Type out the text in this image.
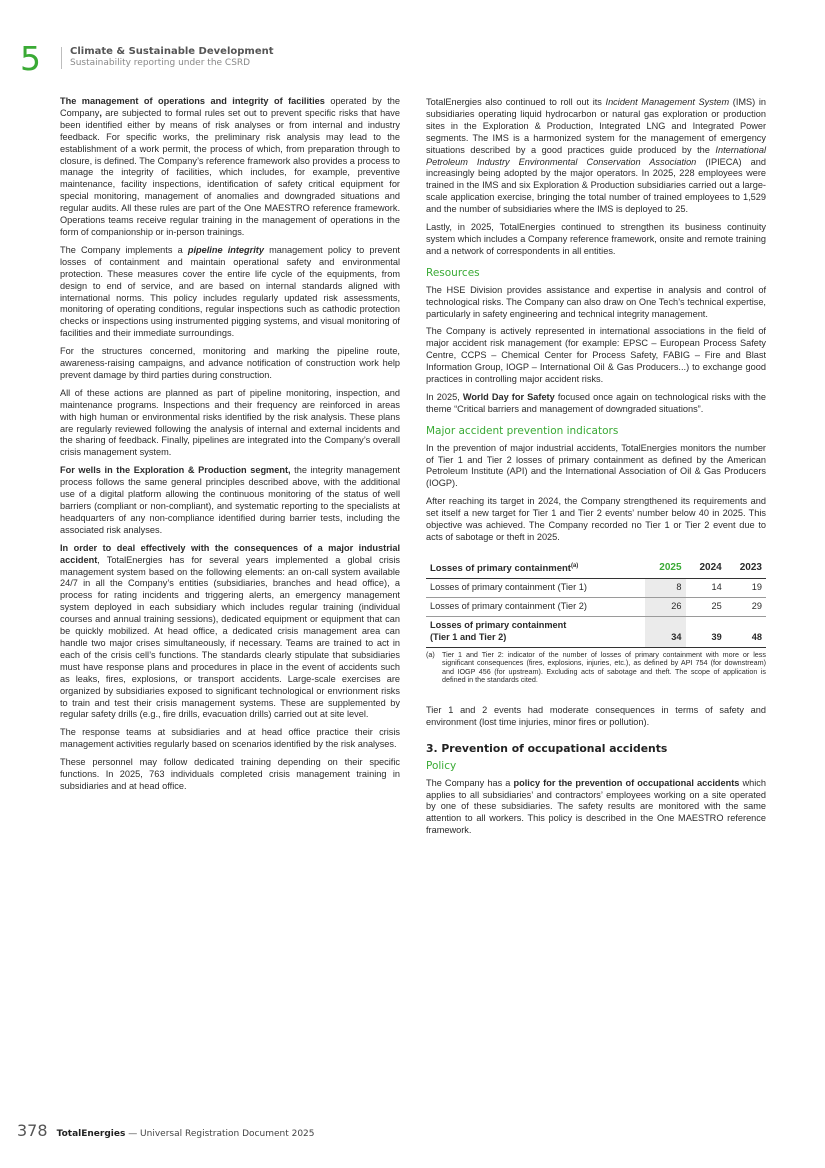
5	Climate & Sustainable Development
Sustainability reporting under the CSRD

The management of operations and integrity of facilities operated by the Company, are subjected to formal rules set out to prevent specific risks that have been identified either by means of risk analyses or from internal and industry feedback. For specific works, the preliminary risk analysis may lead to the establishment of a work permit, the process of which, from preparation through to closure, is defined. The Company’s reference framework also provides a process to manage the integrity of facilities, which includes, for example, preventive maintenance, facility inspections, identification of safety critical equipment for special monitoring, management of anomalies and downgraded situations and regular audits. All these rules are part of the One MAESTRO reference framework. Operations teams receive regular training in the management of operations in the form of companionship or in-person trainings.

The Company implements a pipeline integrity management policy to prevent losses of containment and maintain operational safety and environmental protection. These measures cover the entire life cycle of the equipments, from design to end of service, and are based on internal standards aligned with international norms. This policy includes regularly updated risk assessments, monitoring of operating conditions, regular inspections such as cathodic protection checks or inspections using instrumented pigging systems, and visual monitoring of facilities and their immediate surroundings.

For the structures concerned, monitoring and marking the pipeline route, awareness-raising campaigns, and advance notification of construction work help prevent damage by third parties during construction.

All of these actions are planned as part of pipeline monitoring, inspection, and maintenance programs. Inspections and their frequency are reinforced in areas with high human or environmental risks identified by the risk analysis. These plans are regularly reviewed following the analysis of internal and external incidents and the sharing of feedback. Finally, pipelines are integrated into the Company’s overall crisis management system.

For wells in the Exploration & Production segment, the integrity management process follows the same general principles described above, with the additional use of a digital platform allowing the continuous monitoring of the status of well barriers (compliant or non-compliant), and systematic reporting to the specialists at headquarters of any non-compliance identified during barrier tests, including the associated risk analyses.

In order to deal effectively with the consequences of a major industrial accident, TotalEnergies has for several years implemented a global crisis management system based on the following elements: an on-call system available 24/7 in all the Company’s entities (subsidiaries, branches and head office), a process for rating incidents and triggering alerts, an emergency management system deployed in each subsidiary which includes regular training (individual courses and annual training sessions), dedicated equipment or equipment that can be quickly mobilized. At head office, a dedicated crisis management area can handle two major crises simultaneously, if necessary. Teams are trained to act in each of the crisis cell’s functions. The standards clearly stipulate that subsidiaries must have response plans and procedures in place in the event of accidents such as leaks, fires, explosions, or transport accidents. Large-scale exercises are organized by subsidiaries exposed to significant technological or envrionment risks to train and test their crisis management systems. These are supplemented by regular safety drills (e.g., fire drills, evacuation drills) carried out at site level.

The response teams at subsidiaries and at head office practice their crisis management activities regularly based on scenarios identified by the risk analyses.

These personnel may follow dedicated training depending on their specific functions. In 2025, 763 individuals completed crisis management training in subsidiaries and at head office.

TotalEnergies also continued to roll out its Incident Management System (IMS) in subsidiaries operating liquid hydrocarbon or natural gas exploration or production sites in the Exploration & Production, Integrated LNG and Integrated Power segments. The IMS is a harmonized system for the management of emergency situations described by a good practices guide produced by the International Petroleum Industry Environmental Conservation Association (IPIECA) and increasingly being adopted by the major operators. In 2025, 228 employees were trained in the IMS and six Exploration & Production subsidiaries carried out a large-scale application exercise, bringing the total number of trained employees to 1,529 and the number of subsidiaries where the IMS is deployed to 25.

Lastly, in 2025, TotalEnergies continued to strengthen its business continuity system which includes a Company reference framework, onsite and remote training and a network of correspondents in all entities.

Resources

The HSE Division provides assistance and expertise in analysis and control of technological risks. The Company can also draw on One Tech’s technical expertise, particularly in safety engineering and technical integrity management.

The Company is actively represented in international associations in the field of major accident risk management (for example: EPSC – European Process Safety Centre, CCPS – Chemical Center for Process Safety, FABIG – Fire and Blast Information Group, IOGP – International Oil & Gas Producers...) to exchange good practices in controlling major accident risks.

In 2025, World Day for Safety focused once again on technological risks with the theme “Critical barriers and management of downgraded situations”.

Major accident prevention indicators

In the prevention of major industrial accidents, TotalEnergies monitors the number of Tier 1 and Tier 2 losses of primary containment as defined by the American Petroleum Institute (API) and the International Association of Oil & Gas Producers (IOGP).

After reaching its target in 2024, the Company strengthened its requirements and set itself a new target for Tier 1 and Tier 2 events’ number below 40 in 2025. This objective was achieved. The Company recorded no Tier 1 or Tier 2 event due to acts of sabotage or theft in 2025.

Losses of primary containment$^{(a)}$	2025	2024	2023
Losses of primary containment (Tier 1)	8	14	19
Losses of primary containment (Tier 2)	26	25	29
Losses of primary containment
(Tier 1 and Tier 2)	34	39	48
(a)	Tier 1 and Tier 2: indicator of the number of losses of primary containment with more or less significant consequences (fires, explosions, injuries, etc.), as defined by API 754 (for downstream) and IOGP 456 (for upstream). Excluding acts of sabotage and theft. The scope of application is defined in the standards cited.

Tier 1 and 2 events had moderate consequences in terms of safety and environment (lost time injuries, minor fires or pollution).

3. Prevention of occupational accidents
Policy

The Company has a policy for the prevention of occupational accidents which applies to all subsidiaries’ and contractors’ employees working on a site operated by one of these subsidiaries. The safety results are monitored with the same attention to all workers. This policy is described in the One MAESTRO reference framework.

378 TotalEnergies — Universal Registration Document 2025
